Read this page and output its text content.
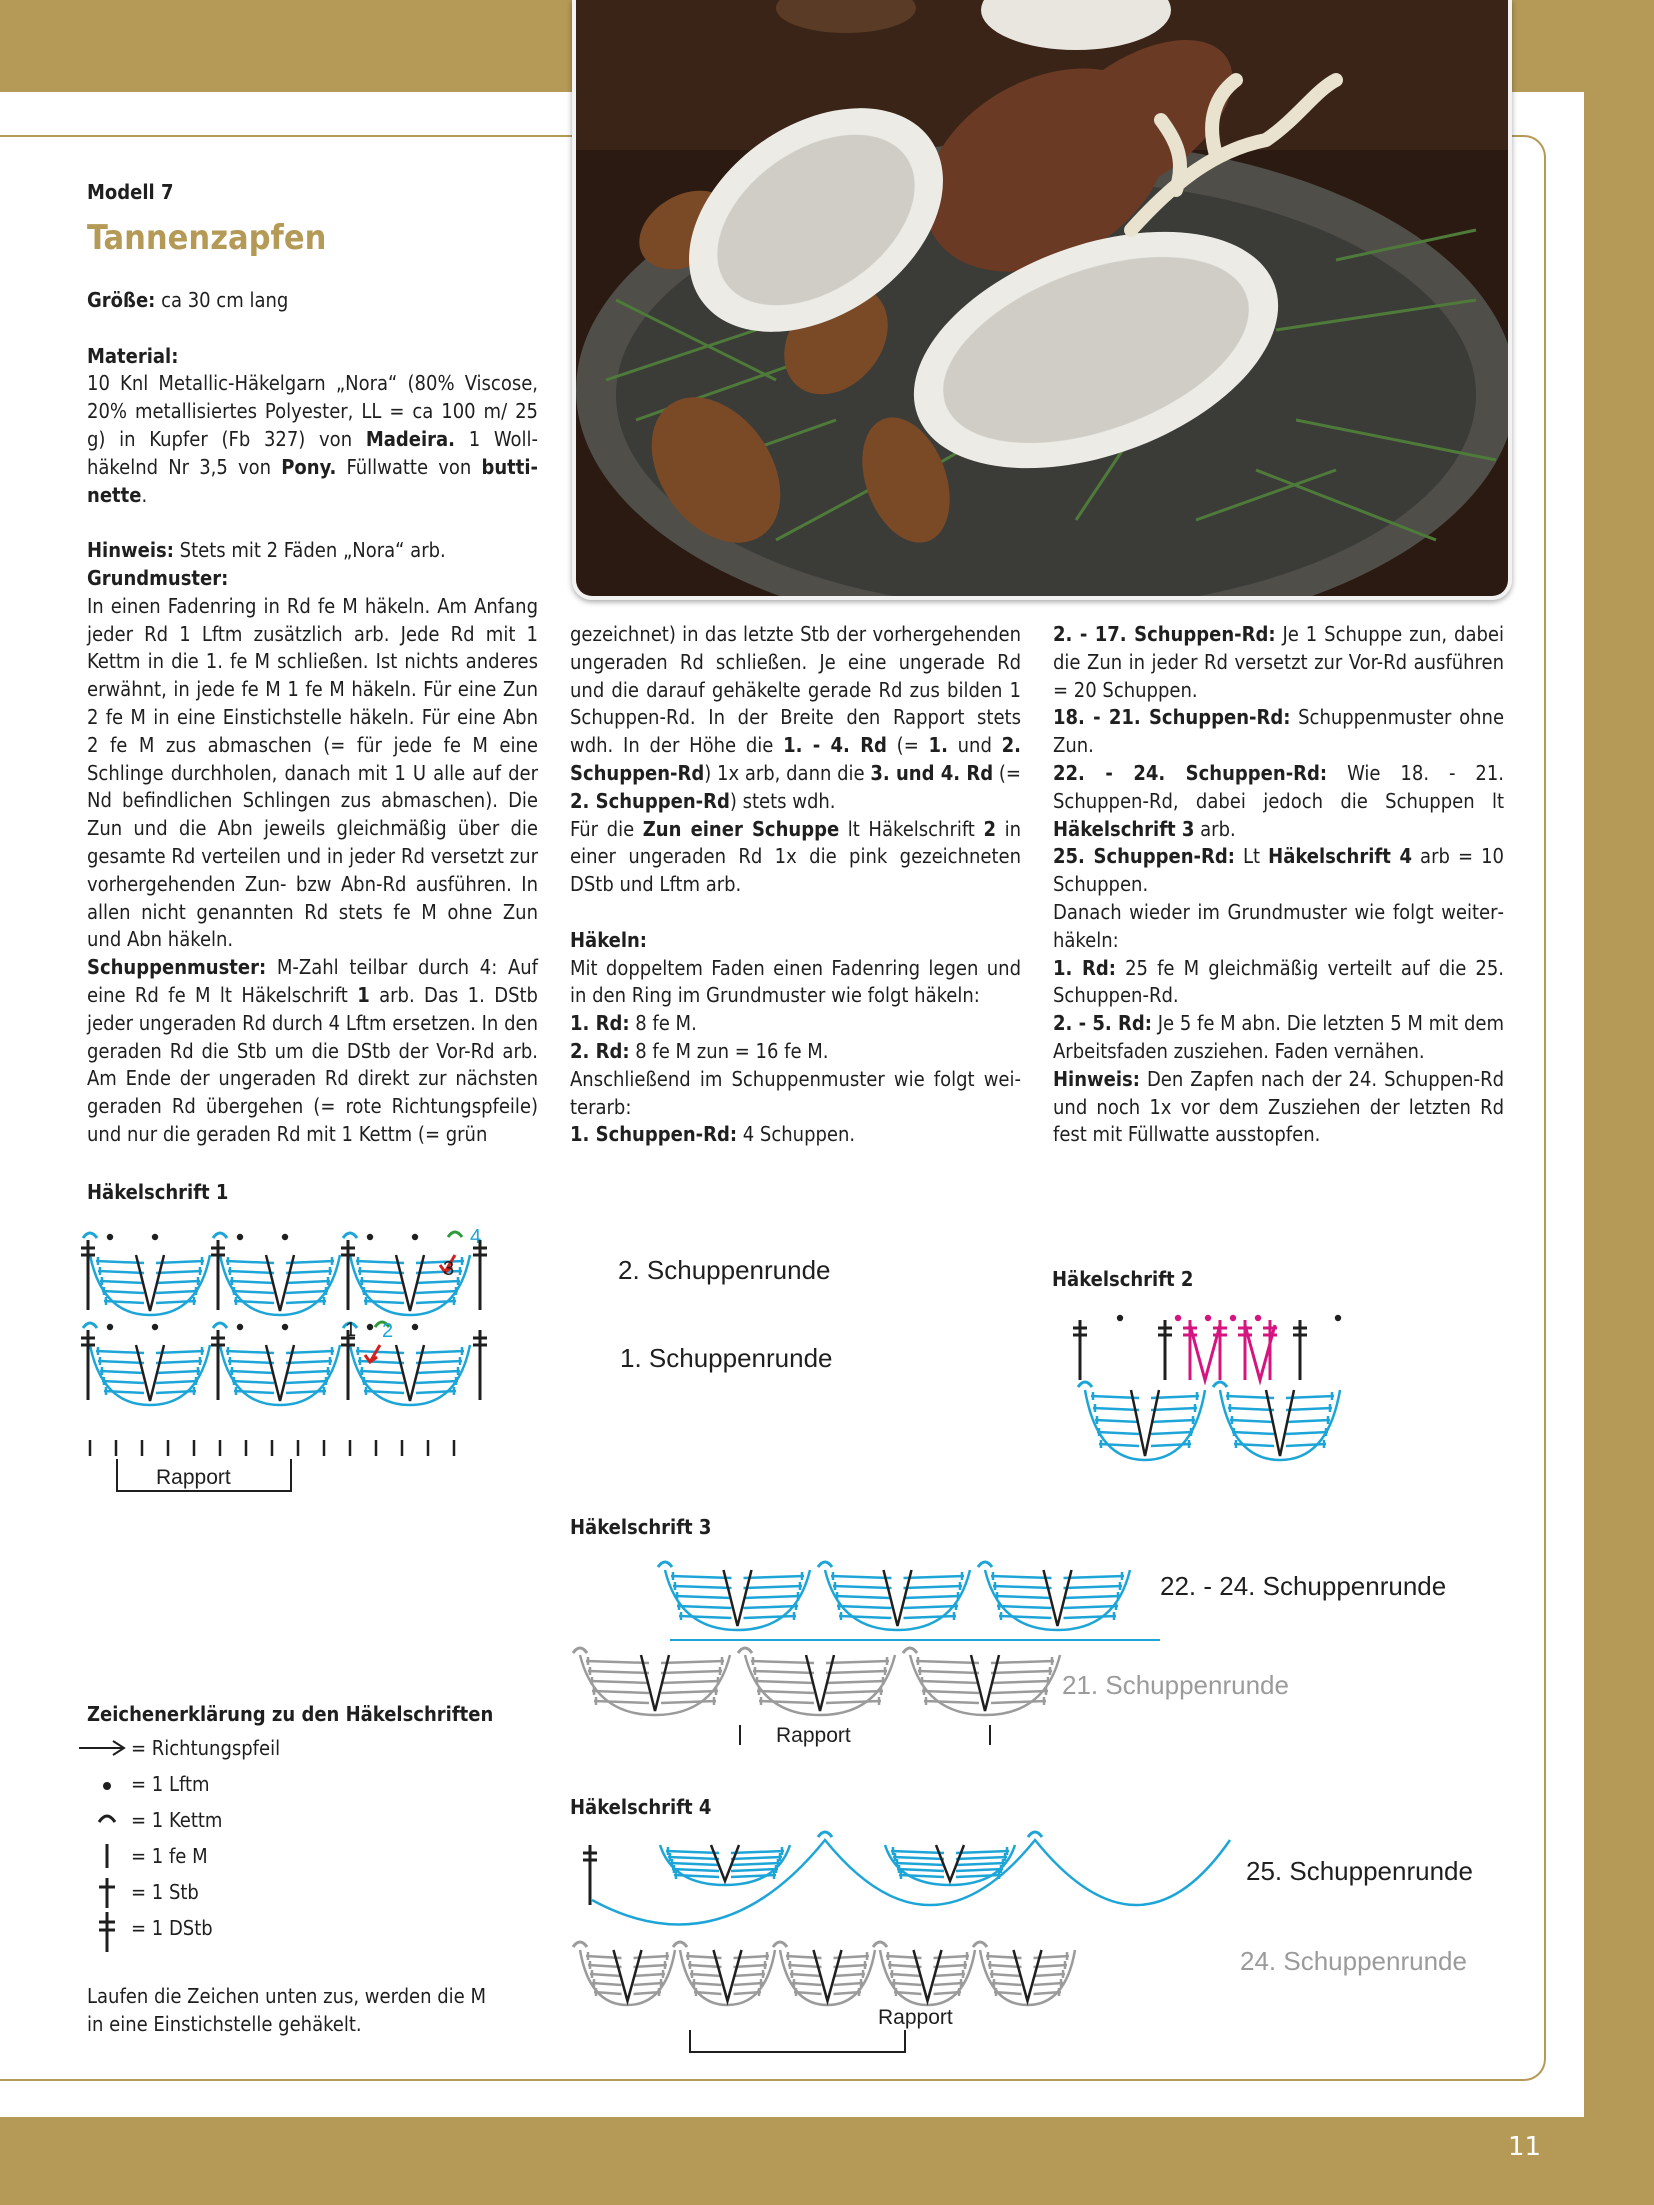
11
Modell 7
Tannenzapfen

Größe: ca 30 cm lang

Material:

10 Knl Metallic-Häkelgarn „Nora“ (80% Viscose, 20% metallisiertes Polyester, LL = ca 100 m/ 25 g) in Kupfer (Fb 327) von Madeira. 1 Wollhäkelnd Nr 3,5 von Pony. Füllwatte von buttinette.

Hinweis: Stets mit 2 Fäden „Nora“ arb.

Grundmuster:

In einen Fadenring in Rd fe M häkeln. Am Anfang jeder Rd 1 Lftm zusätzlich arb. Jede Rd mit 1 Kettm in die 1. fe M schließen. Ist nichts anderes erwähnt, in jede fe M 1 fe M häkeln. Für eine Zun 2 fe M in eine Einstichstelle häkeln. Für eine Abn 2 fe M zus abmaschen (= für jede fe M eine Schlinge durchholen, danach mit 1 U alle auf der Nd befindlichen Schlingen zus abmaschen). Die Zun und die Abn jeweils gleichmäßig über die gesamte Rd verteilen und in jeder Rd versetzt zur vorhergehenden Zun- bzw Abn-Rd ausführen. In allen nicht genannten Rd stets fe M ohne Zun und Abn häkeln.

Schuppenmuster: M-Zahl teilbar durch 4: Auf eine Rd fe M lt Häkelschrift 1 arb. Das 1. DStb jeder ungeraden Rd durch 4 Lftm ersetzen. In den geraden Rd die Stb um die DStb der Vor-Rd arb. Am Ende der ungeraden Rd direkt zur nächsten geraden Rd übergehen (= rote Richtungspfeile) und nur die geraden Rd mit 1 Kettm (= grün

gezeichnet) in das letzte Stb der vorhergehenden ungeraden Rd schließen. Je eine ungerade Rd und die darauf gehäkelte gerade Rd zus bilden 1 Schuppen-Rd. In der Breite den Rapport stets wdh. In der Höhe die 1. - 4. Rd (= 1. und 2. Schuppen-Rd) 1x arb, dann die 3. und 4. Rd (= 2. Schuppen-Rd) stets wdh.

Für die Zun einer Schuppe lt Häkelschrift 2 in einer ungeraden Rd 1x die pink gezeichneten DStb und Lftm arb.

Häkeln:

Mit doppeltem Faden einen Fadenring legen und in den Ring im Grundmuster wie folgt häkeln:

1. Rd: 8 fe M.

2. Rd: 8 fe M zun = 16 fe M.

Anschließend im Schuppenmuster wie folgt weiterarb:

1. Schuppen-Rd: 4 Schuppen.

2. - 17. Schuppen-Rd: Je 1 Schuppe zun, dabei die Zun in jeder Rd versetzt zur Vor-Rd ausführen = 20 Schuppen.

18. - 21. Schuppen-Rd: Schuppenmuster ohne Zun.

22. - 24. Schuppen-Rd: Wie 18. - 21. Schuppen-Rd, dabei jedoch die Schuppen lt Häkelschrift 3 arb.

25. Schuppen-Rd: Lt Häkelschrift 4 arb = 10 Schuppen.

Danach wieder im Grundmuster wie folgt weiterhäkeln:

1. Rd: 25 fe M gleichmäßig verteilt auf die 25. Schuppen-Rd.

2. - 5. Rd: Je 5 fe M abn. Die letzten 5 M mit dem Arbeitsfaden zusziehen. Faden vernähen.

Hinweis: Den Zapfen nach der 24. Schuppen-Rd und noch 1x vor dem Zusziehen der letzten Rd fest mit Füllwatte ausstopfen.

Häkelschrift 1
2. Schuppenrunde
1. Schuppenrunde
Rapport
1 2
3
4
Häkelschrift 2
Häkelschrift 3
22. - 24. Schuppenrunde
21. Schuppenrunde
Rapport
Häkelschrift 4
25. Schuppenrunde
24. Schuppenrunde
Rapport
Zeichenerklärung zu den Häkelschriften
= Richtungspfeil
= 1 Lftm
= 1 Kettm
= 1 fe M
= 1 Stb
= 1 DStb
Laufen die Zeichen unten zus, werden die M in eine Einstichstelle gehäkelt.
